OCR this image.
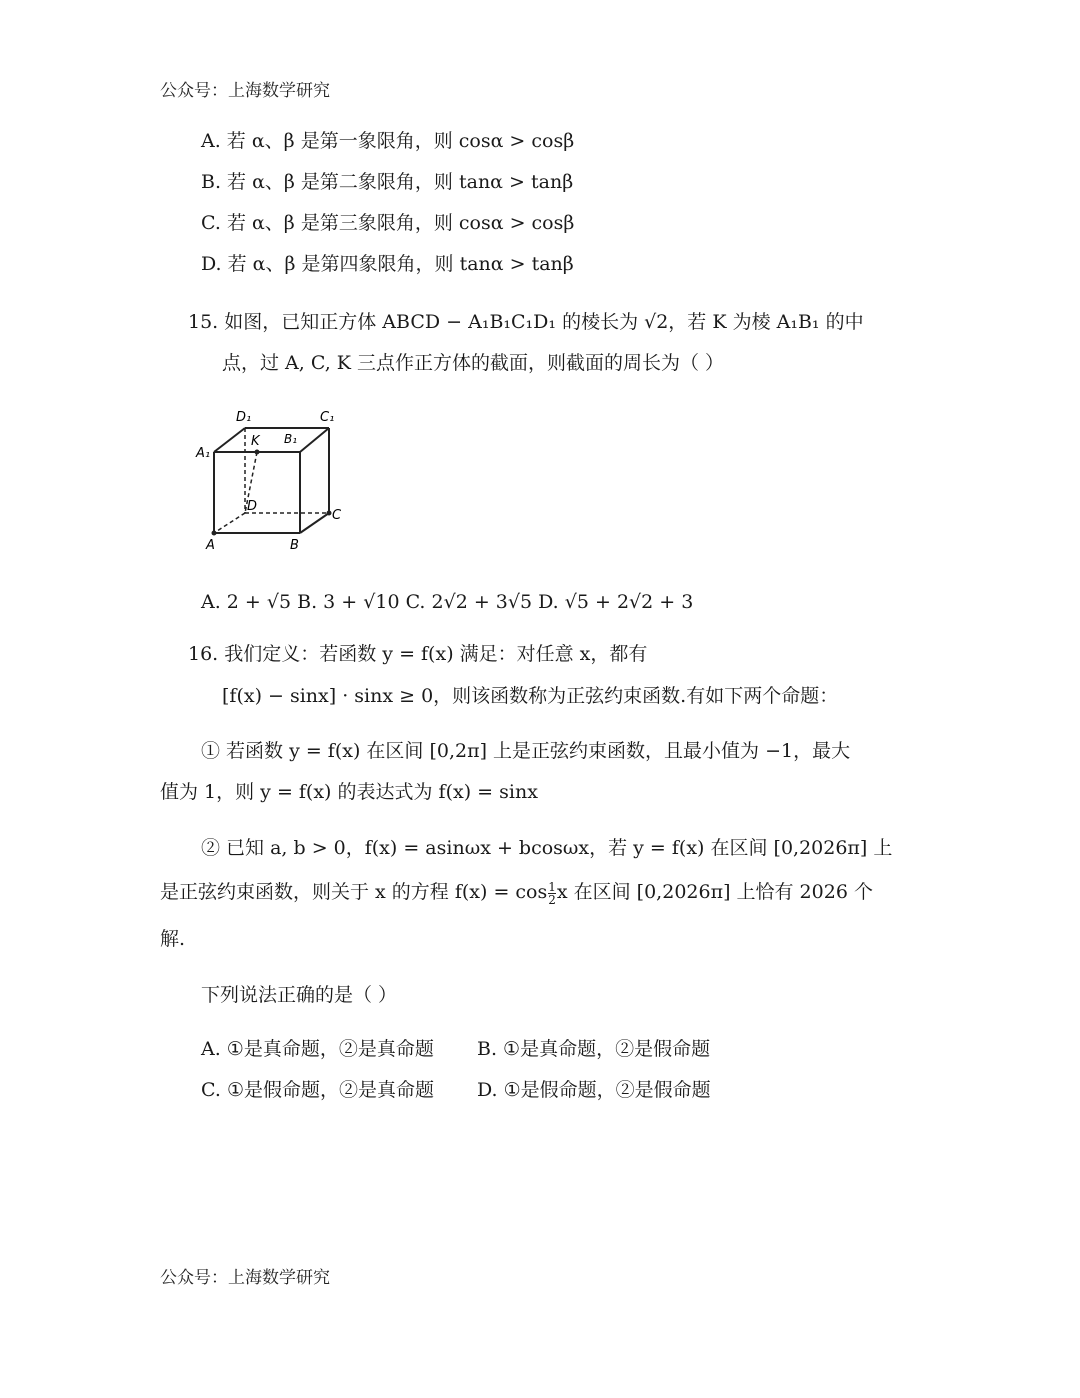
公众号：上海数学研究
A. 若 α、β 是第一象限角，则 cosα > cosβ
B. 若 α、β 是第二象限角，则 tanα > tanβ
C. 若 α、β 是第三象限角，则 cosα > cosβ
D. 若 α、β 是第四象限角，则 tanα > tanβ
15. 如图，已知正方体 ABCD − A₁B₁C₁D₁ 的棱长为 √2，若 K 为棱 A₁B₁ 的中
点，过 A, C, K 三点作正方体的截面，则截面的周长为（ ）
D₁	C₁
A₁
K B₁
D
C
A	B
A. 2 + √5 B. 3 + √10 C. 2√2 + 3√5 D. √5 + 2√2 + 3
16. 我们定义：若函数 y = f(x) 满足：对任意 x，都有
[f(x) − sinx] · sinx ≥ 0，则该函数称为正弦约束函数.有如下两个命题：
① 若函数 y = f(x) 在区间 [0,2π] 上是正弦约束函数，且最小值为 −1，最大
值为 1，则 y = f(x) 的表达式为 f(x) = sinx
② 已知 a, b > 0，f(x) = asinωx + bcosωx，若 y = f(x) 在区间 [0,2026π] 上
是正弦约束函数，则关于 x 的方程 $f(x) = \cos \frac{1}{2}$ x 在区间 [0,2026π] 上恰有 2026 个
解.
下列说法正确的是（ ）
A. ①是真命题，②是真命题 B. ①是真命题，②是假命题
C. ①是假命题，②是真命题 D. ①是假命题，②是假命题
公众号：上海数学研究
